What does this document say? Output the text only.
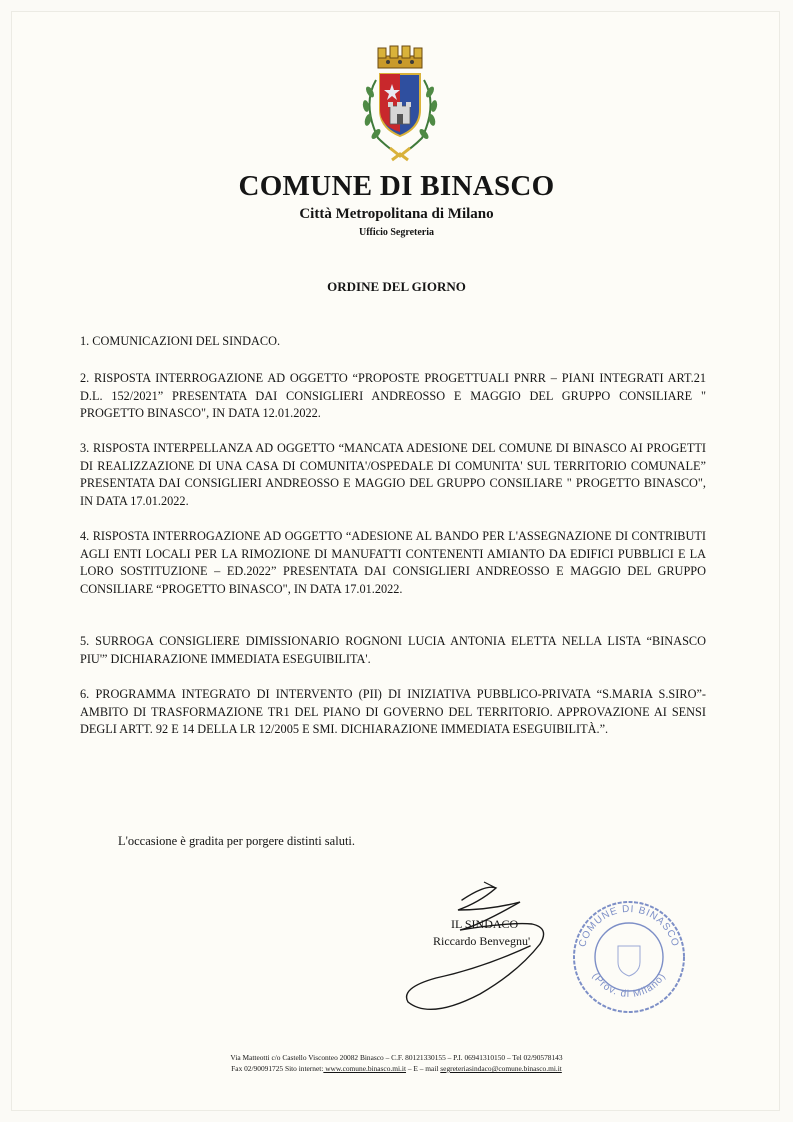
COMUNE DI BINASCO
Città Metropolitana di Milano
Ufficio Segreteria
ORDINE DEL GIORNO
1. COMUNICAZIONI DEL SINDACO.
2. RISPOSTA INTERROGAZIONE AD OGGETTO “PROPOSTE PROGETTUALI PNRR – PIANI INTEGRATI ART.21 D.L. 152/2021” PRESENTATA DAI CONSIGLIERI ANDREOSSO E MAGGIO DEL GRUPPO CONSILIARE " PROGETTO BINASCO", IN DATA 12.01.2022.
3. RISPOSTA INTERPELLANZA AD OGGETTO “MANCATA ADESIONE DEL COMUNE DI BINASCO AI PROGETTI DI REALIZZAZIONE DI UNA CASA DI COMUNITA'/OSPEDALE DI COMUNITA' SUL TERRITORIO COMUNALE” PRESENTATA DAI CONSIGLIERI ANDREOSSO E MAGGIO DEL GRUPPO CONSILIARE " PROGETTO BINASCO", IN DATA 17.01.2022.
4. RISPOSTA INTERROGAZIONE AD OGGETTO “ADESIONE AL BANDO PER L'ASSEGNAZIONE DI CONTRIBUTI AGLI ENTI LOCALI PER LA RIMOZIONE DI MANUFATTI CONTENENTI AMIANTO DA EDIFICI PUBBLICI E LA LORO SOSTITUZIONE – ED.2022” PRESENTATA DAI CONSIGLIERI ANDREOSSO E MAGGIO DEL GRUPPO CONSILIARE “PROGETTO BINASCO", IN DATA 17.01.2022.
5. SURROGA CONSIGLIERE DIMISSIONARIO ROGNONI LUCIA ANTONIA ELETTA NELLA LISTA “BINASCO PIU'” DICHIARAZIONE IMMEDIATA ESEGUIBILITA'.
6. PROGRAMMA INTEGRATO DI INTERVENTO (PII) DI INIZIATIVA PUBBLICO-PRIVATA “S.MARIA S.SIRO”- AMBITO DI TRASFORMAZIONE TR1 DEL PIANO DI GOVERNO DEL TERRITORIO. APPROVAZIONE AI SENSI DEGLI ARTT. 92 E 14 DELLA LR 12/2005 E SMI. DICHIARAZIONE IMMEDIATA ESEGUIBILITÀ.”.
L'occasione è gradita per porgere distinti saluti.
IL SINDACO
Riccardo Benvegnu'	COMUNE DI BINASCO
(Prov. di Milano)
Via Matteotti c/o Castello Visconteo 20082 Binasco – C.F. 80121330155 – P.I. 06941310150 – Tel 02/90578143
Fax 02/90091725 Sito internet: www.comune.binasco.mi.it – E – mail segreteriasindaco@comune.binasco.mi.it
